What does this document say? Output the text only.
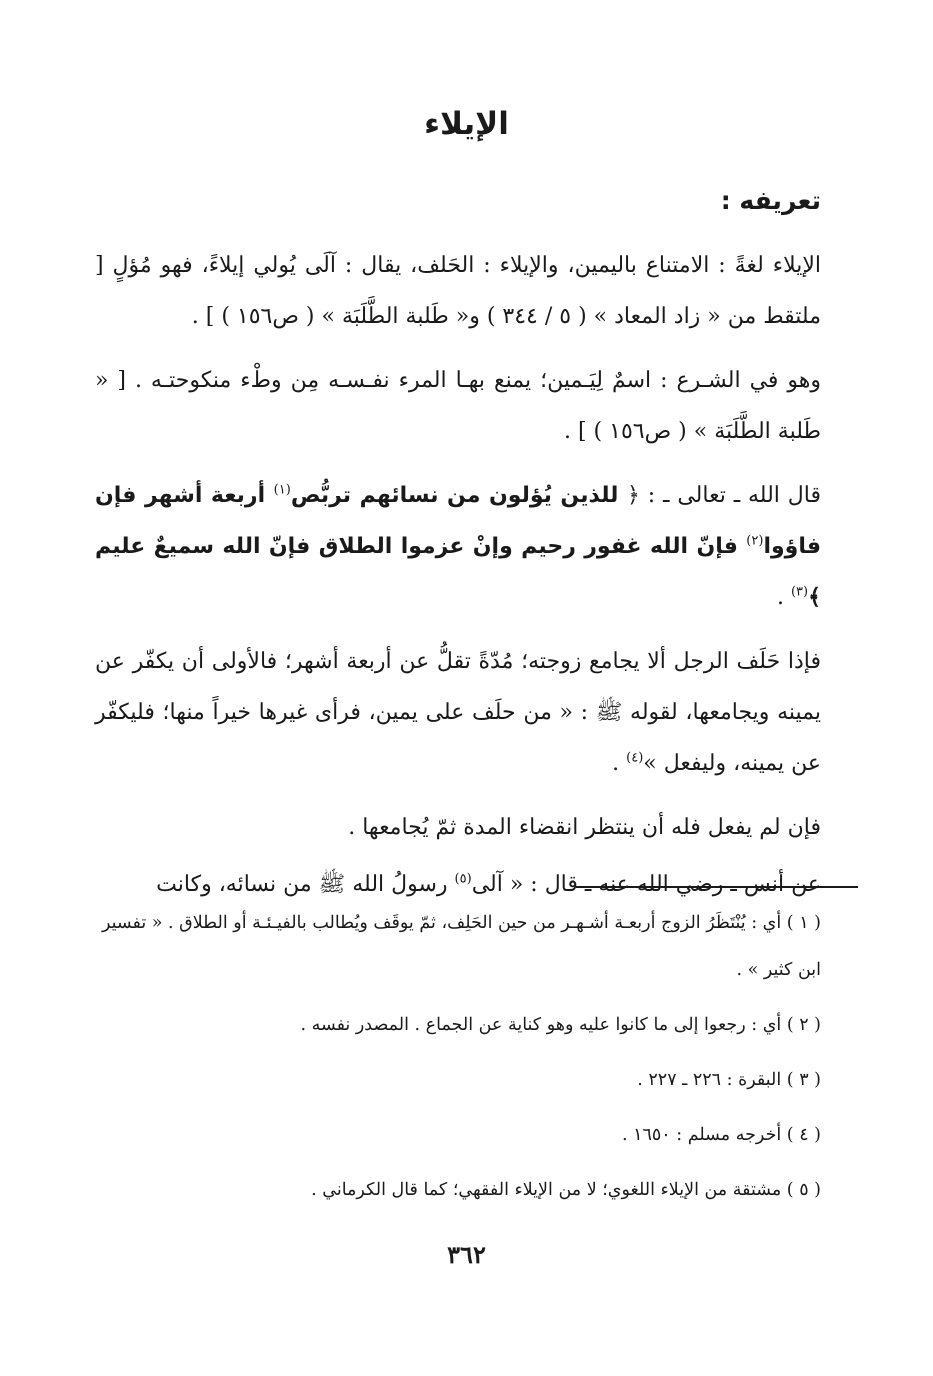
الإيلاء
تعريفه :

الإيلاء لغةً : الامتناع باليمين، والإيلاء : الحَلف، يقال : آلَى يُولي إيلاءً، فهو مُؤلٍ [ ملتقط من « زاد المعاد » ( ٥ / ٣٤٤ ) و« طَلبة الطَّلَبَة » ( ص١٥٦ ) ] .

وهو في الشـرع : اسمٌ لِيَـمين؛ يمنع بهـا المرء نفـسـه مِن وطْء منكوحتـه . [ « طَلبة الطَّلَبَة » ( ص١٥٦ ) ] .

قال الله ـ تعالى ـ : ﴿ للذين يُؤلون من نسائهم تربُّص$^{(١)}$ أربعة أشهر فإن فاؤوا$^{(٢)}$ فإنّ الله غفور رحيم وإنْ عزموا الطلاق فإنّ الله سميعٌ عليم ﴾$^{(٣)}$ .

فإذا حَلَف الرجل ألا يجامع زوجته؛ مُدّةً تقلُّ عن أربعة أشهر؛ فالأولى أن يكفّر عن يمينه ويجامعها، لقوله ﷺ : « من حلَف على يمين، فرأى غيرها خيراً منها؛ فليكفّر عن يمينه، وليفعل »$^{(٤)}$ .

فإن لم يفعل فله أن ينتظر انقضاء المدة ثمّ يُجامعها .

عن أنس ـ رضي الله عنه ـ قال : « آلى$^{(٥)}$ رسولُ الله ﷺ من نسائه، وكانت

( ١ ) أي : يُنْتَظَرُ الزوج أربعـة أشـهـر من حين الحَلِف، ثمّ يوقَف ويُطالب بالفيـئـة أو الطلاق . « تفسير ابن كثير » .

( ٢ ) أي : رجعوا إلى ما كانوا عليه وهو كناية عن الجماع . المصدر نفسه .

( ٣ ) البقرة : ٢٢٦ ـ ٢٢٧ .

( ٤ ) أخرجه مسلم : ١٦٥٠ .

( ٥ ) مشتقة من الإيلاء اللغوي؛ لا من الإيلاء الفقهي؛ كما قال الكرماني .

٣٦٢
